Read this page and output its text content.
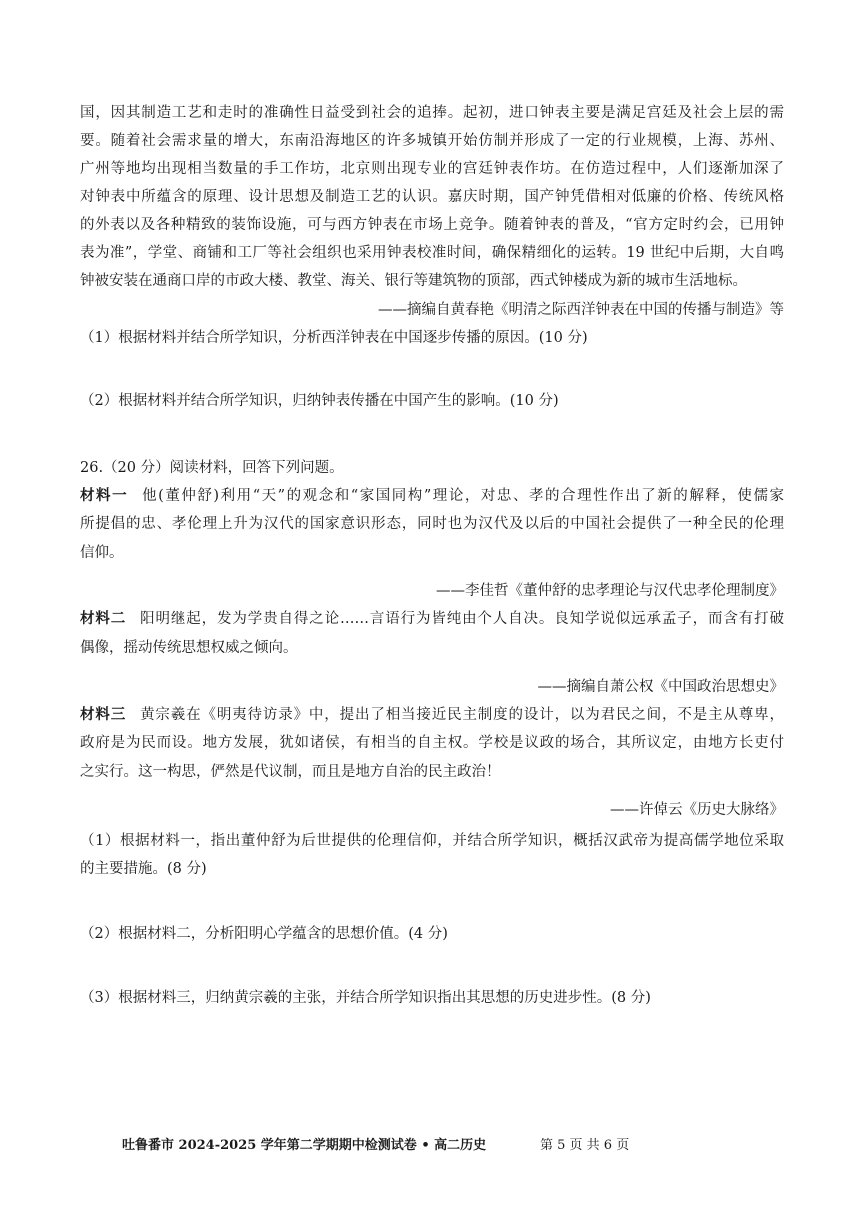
国，因其制造工艺和走时的准确性日益受到社会的追捧。起初，进口钟表主要是满足宫廷及社会上层的需
要。随着社会需求量的增大，东南沿海地区的许多城镇开始仿制并形成了一定的行业规模，上海、苏州、
广州等地均出现相当数量的手工作坊，北京则出现专业的宫廷钟表作坊。在仿造过程中，人们逐渐加深了
对钟表中所蕴含的原理、设计思想及制造工艺的认识。嘉庆时期，国产钟凭借相对低廉的价格、传统风格
的外表以及各种精致的装饰设施，可与西方钟表在市场上竞争。随着钟表的普及，“官方定时约会，已用钟
表为准”，学堂、商铺和工厂等社会组织也采用钟表校准时间，确保精细化的运转。19 世纪中后期，大自鸣
钟被安装在通商口岸的市政大楼、教堂、海关、银行等建筑物的顶部，西式钟楼成为新的城市生活地标。
——摘编自黄春艳《明清之际西洋钟表在中国的传播与制造》等
（1）根据材料并结合所学知识，分析西洋钟表在中国逐步传播的原因。(10 分)
（2）根据材料并结合所学知识，归纳钟表传播在中国产生的影响。(10 分)
26.（20 分）阅读材料，回答下列问题。
材料一 他(董仲舒)利用“天”的观念和“家国同构”理论，对忠、孝的合理性作出了新的解释，使儒家
所提倡的忠、孝伦理上升为汉代的国家意识形态，同时也为汉代及以后的中国社会提供了一种全民的伦理
信仰。
——李佳哲《董仲舒的忠孝理论与汉代忠孝伦理制度》
材料二 阳明继起，发为学贵自得之论……言语行为皆纯由个人自决。良知学说似远承孟子，而含有打破
偶像，摇动传统思想权威之倾向。
——摘编自萧公权《中国政治思想史》
材料三 黄宗羲在《明夷待访录》中，提出了相当接近民主制度的设计，以为君民之间，不是主从尊卑，
政府是为民而设。地方发展，犹如诸侯，有相当的自主权。学校是议政的场合，其所议定，由地方长吏付
之实行。这一构思，俨然是代议制，而且是地方自治的民主政治！
——许倬云《历史大脉络》
（1）根据材料一，指出董仲舒为后世提供的伦理信仰，并结合所学知识，概括汉武帝为提高儒学地位采取
的主要措施。(8 分)
（2）根据材料二，分析阳明心学蕴含的思想价值。(4 分)
（3）根据材料三，归纳黄宗羲的主张，并结合所学知识指出其思想的历史进步性。(8 分)
吐鲁番市 2024-2025 学年第二学期期中检测试卷 • 高二历史	第 5 页 共 6 页
